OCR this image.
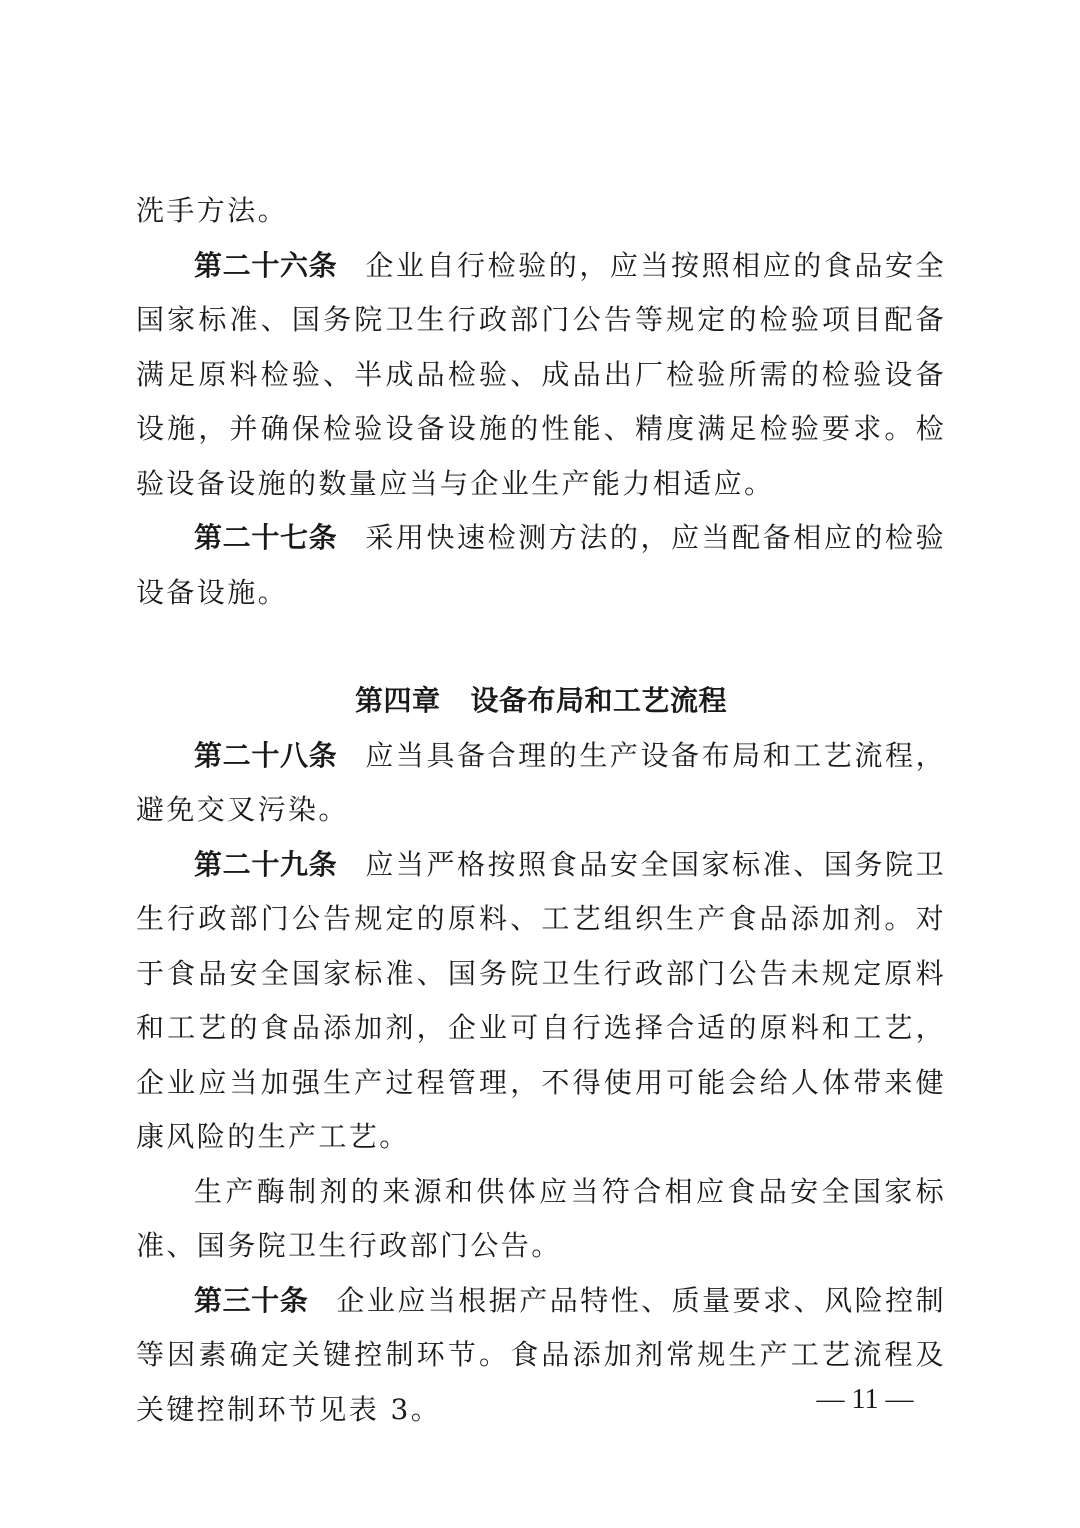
洗手方法。

第二十六条 企业自行检验的，应当按照相应的食品安全国家标准、国务院卫生行政部门公告等规定的检验项目配备满足原料检验、半成品检验、成品出厂检验所需的检验设备设施，并确保检验设备设施的性能、精度满足检验要求。检验设备设施的数量应当与企业生产能力相适应。

第二十七条 采用快速检测方法的，应当配备相应的检验设备设施。

第四章 设备布局和工艺流程

第二十八条 应当具备合理的生产设备布局和工艺流程，避免交叉污染。

第二十九条 应当严格按照食品安全国家标准、国务院卫生行政部门公告规定的原料、工艺组织生产食品添加剂。对于食品安全国家标准、国务院卫生行政部门公告未规定原料和工艺的食品添加剂，企业可自行选择合适的原料和工艺，企业应当加强生产过程管理，不得使用可能会给人体带来健康风险的生产工艺。

生产酶制剂的来源和供体应当符合相应食品安全国家标准、国务院卫生行政部门公告。

第三十条 企业应当根据产品特性、质量要求、风险控制等因素确定关键控制环节。食品添加剂常规生产工艺流程及关键控制环节见表 3。	— 11 —
